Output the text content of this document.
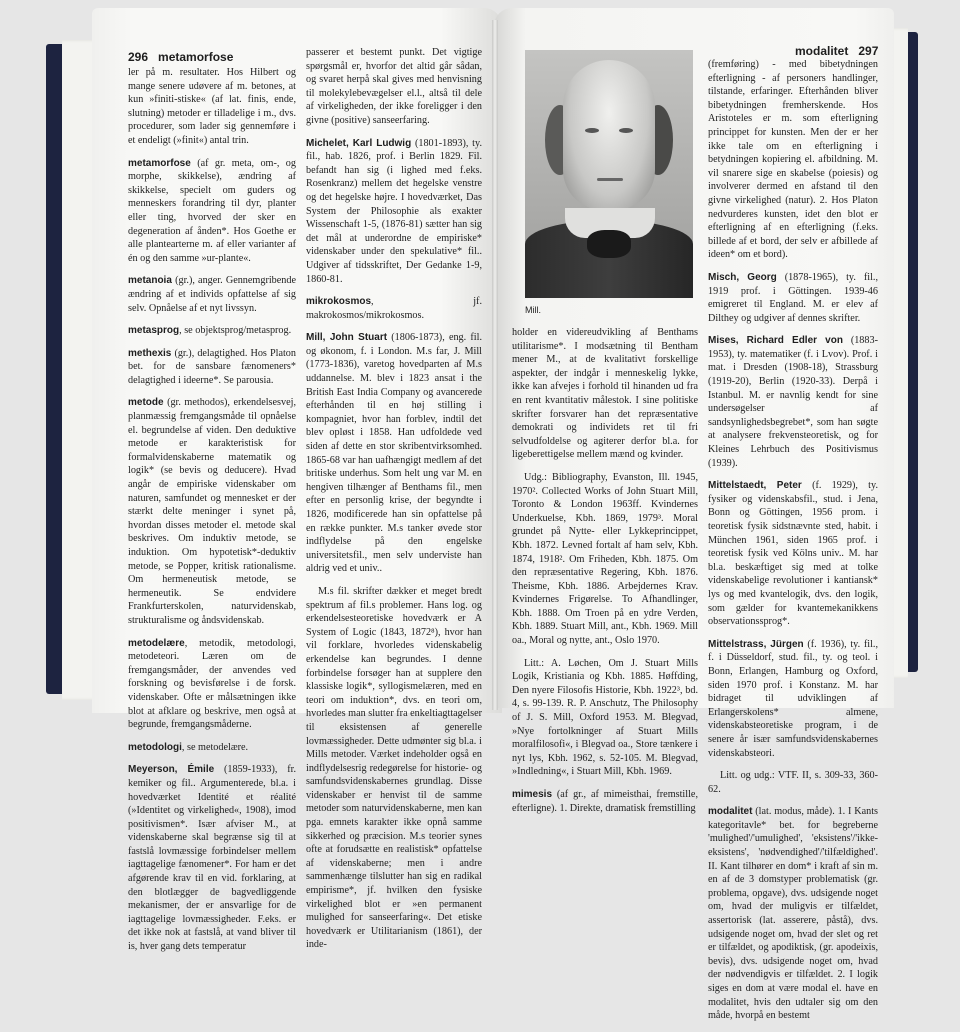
296 metamorfose

ler på m. resultater. Hos Hilbert og mange senere udøvere af m. betones, at kun »finiti-stiske« (af lat. finis, ende, slutning) metoder er tilladelige i m., dvs. procedurer, som lader sig gennemføre i et endeligt (»finit«) antal trin.

metamorfose (af gr. meta, om-, og morphe, skikkelse), ændring af skikkelse, specielt om guders og menneskers forandring til dyr, planter eller ting, hvorved der sker en degeneration af ånden*. Hos Goethe er alle plantearterne m. af eller varianter af én og den samme »ur-plante«.

metanoia (gr.), anger. Gennemgribende ændring af et individs opfattelse af sig selv. Opnåelse af et nyt livssyn.

metasprog, se objektsprog/metasprog.

methexis (gr.), delagtighed. Hos Platon bet. for de sansbare fænomeners* delagtighed i ideerne*. Se parousia.

metode (gr. methodos), erkendelsesvej, planmæssig fremgangsmåde til opnåelse el. begrundelse af viden. Den deduktive metode er karakteristisk for formalvidenskaberne matematik og logik* (se bevis og deducere). Hvad angår de empiriske videnskaber om naturen, samfundet og mennesket er der stærkt delte meninger i synet på, hvordan disses metoder el. metode skal beskrives. Om induktiv metode, se induktion. Om hypotetisk*-deduktiv metode, se Popper, kritisk rationalisme. Om hermeneutisk metode, se hermeneutik. Se endvidere Frankfurterskolen, naturvidenskab, strukturalisme og åndsvidenskab.

metodelære, metodik, metodologi, metodeteori. Læren om de fremgangsmåder, der anvendes ved forskning og bevisførelse i de forsk. videnskaber. Ofte er målsætningen ikke blot at afklare og beskrive, men også at begrunde, fremgangsmåderne.

metodologi, se metodelære.

Meyerson, Émile (1859-1933), fr. kemiker og fil.. Argumenterede, bl.a. i hovedværket Identité et réalité (»Identitet og virkelighed«, 1908), imod positivismen*. Især afviser M., at videnskaberne skal begrænse sig til at fastslå lovmæssige forbindelser mellem iagttagelige fænomener*. For ham er det afgørende krav til en vid. forklaring, at den blotlægger de bagvedliggende mekanismer, der er ansvarlige for de iagttagelige lovmæssigheder. F.eks. er det ikke nok at fastslå, at vand bliver til is, hver gang dets temperatur

passerer et bestemt punkt. Det vigtige spørgsmål er, hvorfor det altid går sådan, og svaret herpå skal gives med henvisning til molekylebevægelser el.l., altså til dele af virkeligheden, der ikke foreligger i den givne (positive) sanseerfaring.

Michelet, Karl Ludwig (1801-1893), ty. fil., hab. 1826, prof. i Berlin 1829. Fil. befandt han sig (i lighed med f.eks. Rosenkranz) mellem det hegelske venstre og det hegelske højre. I hovedværket, Das System der Philosophie als exakter Wissenschaft 1-5, (1876-81) sætter han sig det mål at underordne de empiriske* videnskaber under den spekulative* fil.. Udgiver af tidsskriftet, Der Gedanke 1-9, 1860-81.

mikrokosmos, jf. makrokosmos/mikrokosmos.

Mill, John Stuart (1806-1873), eng. fil. og økonom, f. i London. M.s far, J. Mill (1773-1836), varetog hovedparten af M.s uddannelse. M. blev i 1823 ansat i the British East India Company og avancerede efterhånden til en høj stilling i kompagniet, hvor han forblev, indtil det blev opløst i 1858. Han udfoldede ved siden af dette en stor skribentvirksomhed. 1865-68 var han uafhængigt medlem af det britiske underhus. Som helt ung var M. en hengiven tilhænger af Benthams fil., men efter en personlig krise, der begyndte i 1826, modificerede han sin opfattelse på en række punkter. M.s tanker øvede stor indflydelse på den engelske universitetsfil., men selv underviste han aldrig ved et univ..

M.s fil. skrifter dækker et meget bredt spektrum af fil.s problemer. Hans log. og erkendelsesteoretiske hovedværk er A System of Logic (1843, 1872⁸), hvor han vil forklare, hvorledes videnskabelig erkendelse kan begrundes. I denne forbindelse forsøger han at supplere den klassiske logik*, syllogismelæren, med en teori om induktion*, dvs. en teori om, hvorledes man slutter fra enkeltiagttagelser til eksistensen af generelle lovmæssigheder. Dette udmønter sig bl.a. i Mills metoder. Værket indeholder også en indflydelsesrig redegørelse for historie- og samfundsvidenskabernes grundlag. Disse videnskaber er henvist til de samme metoder som naturvidenskaberne, men kan pga. emnets karakter ikke opnå samme sikkerhed og præcision. M.s teorier synes ofte at forudsætte en realistisk* opfattelse af videnskaberne; men i andre sammenhænge tilslutter han sig en radikal empirisme*, jf. hvilken den fysiske virkelighed blot er »en permanent mulighed for sanseerfaring«. Det etiske hovedværk er Utilitarianism (1861), der inde-

Mill.
modalitet 297

holder en videreudvikling af Benthams utilitarisme*. I modsætning til Bentham mener M., at de kvalitativt forskellige aspekter, der indgår i menneskelig lykke, ikke kan afvejes i forhold til hinanden ud fra en rent kvantitativ målestok. I sine politiske skrifter forsvarer han det repræsentative demokrati og individets ret til fri selvudfoldelse og agiterer derfor bl.a. for ligeberettigelse mellem mænd og kvinder.

Udg.: Bibliography, Evanston, Ill. 1945, 1970². Collected Works of John Stuart Mill, Toronto & London 1963ff. Kvindernes Underkuelse, Kbh. 1869, 1979³. Moral grundet på Nytte- eller Lykkeprincippet, Kbh. 1872. Levned fortalt af ham selv, Kbh. 1874, 1918². Om Friheden, Kbh. 1875. Om den repræsentative Regering, Kbh. 1876. Theisme, Kbh. 1886. Arbejdernes Krav. Kvindernes Frigørelse. To Afhandlinger, Kbh. 1888. Om Troen på en ydre Verden, Kbh. 1889. Stuart Mill, ant., Kbh. 1969. Mill oa., Moral og nytte, ant., Oslo 1970.

Litt.: A. Løchen, Om J. Stuart Mills Logik, Kristiania og Kbh. 1885. Høffding, Den nyere Filosofis Historie, Kbh. 1922³, bd. 4, s. 99-139. R. P. Anschutz, The Philosophy of J. S. Mill, Oxford 1953. M. Blegvad, »Nye fortolkninger af Stuart Mills moralfilosofi«, i Blegvad oa., Store tænkere i nyt lys, Kbh. 1962, s. 52-105. M. Blegvad, »Indledning«, i Stuart Mill, Kbh. 1969.

mimesis (af gr., af mimeisthai, fremstille, efterligne). 1. Direkte, dramatisk fremstilling

(fremføring) - med bibetydningen efterligning - af personers handlinger, tilstande, erfaringer. Efterhånden bliver bibetydningen fremherskende. Hos Aristoteles er m. som efterligning princippet for kunsten. Men der er her ikke tale om en efterligning i betydningen kopiering el. afbildning. M. vil snarere sige en skabelse (poiesis) og involverer dermed en afstand til den givne virkelighed (natur). 2. Hos Platon nedvurderes kunsten, idet den blot er efterligning af en efterligning (f.eks. billede af et bord, der selv er afbillede af ideen* om et bord).

Misch, Georg (1878-1965), ty. fil., 1919 prof. i Göttingen. 1939-46 emigreret til England. M. er elev af Dilthey og udgiver af dennes skrifter.

Mises, Richard Edler von (1883-1953), ty. matematiker (f. i Lvov). Prof. i mat. i Dresden (1908-18), Strassburg (1919-20), Berlin (1920-33). Derpå i Istanbul. M. er navnlig kendt for sine undersøgelser af sandsynlighedsbegrebet*, som han søgte at analysere frekvensteoretisk, og for Kleines Lehrbuch des Positivismus (1939).

Mittelstaedt, Peter (f. 1929), ty. fysiker og videnskabsfil., stud. i Jena, Bonn og Göttingen, 1956 prom. i teoretisk fysik sidstnævnte sted, habit. i München 1961, siden 1965 prof. i teoretisk fysik ved Kölns univ.. M. har bl.a. beskæftiget sig med at tolke videnskabelige revolutioner i kantiansk* lys og med kvantelogik, dvs. den logik, som gælder for kvantemekanikkens observationssprog*.

Mittelstrass, Jürgen (f. 1936), ty. fil., f. i Düsseldorf, stud. fil., ty. og teol. i Bonn, Erlangen, Hamburg og Oxford, siden 1970 prof. i Konstanz. M. har bidraget til udviklingen af Erlangerskolens* almene, videnskabsteoretiske program, i de senere år især samfundsvidenskabernes videnskabsteori.

Litt. og udg.: VTF. II, s. 309-33, 360-62.

modalitet (lat. modus, måde). 1. I Kants kategoritavle* bet. for begreberne 'mulighed'/'umulighed', 'eksistens'/'ikke-eksistens', 'nødvendighed'/'tilfældighed'. II. Kant tilhører en dom* i kraft af sin m. en af de 3 domstyper problematisk (gr. problema, opgave), dvs. udsigende noget om, hvad der muligvis er tilfældet, assertorisk (lat. asserere, påstå), dvs. udsigende noget om, hvad der slet og ret er tilfældet, og apodiktisk, (gr. apodeixis, bevis), dvs. udsigende noget om, hvad der nødvendigvis er tilfældet. 2. I logik siges en dom at være modal el. have en modalitet, hvis den udtaler sig om den måde, hvorpå en bestemt
